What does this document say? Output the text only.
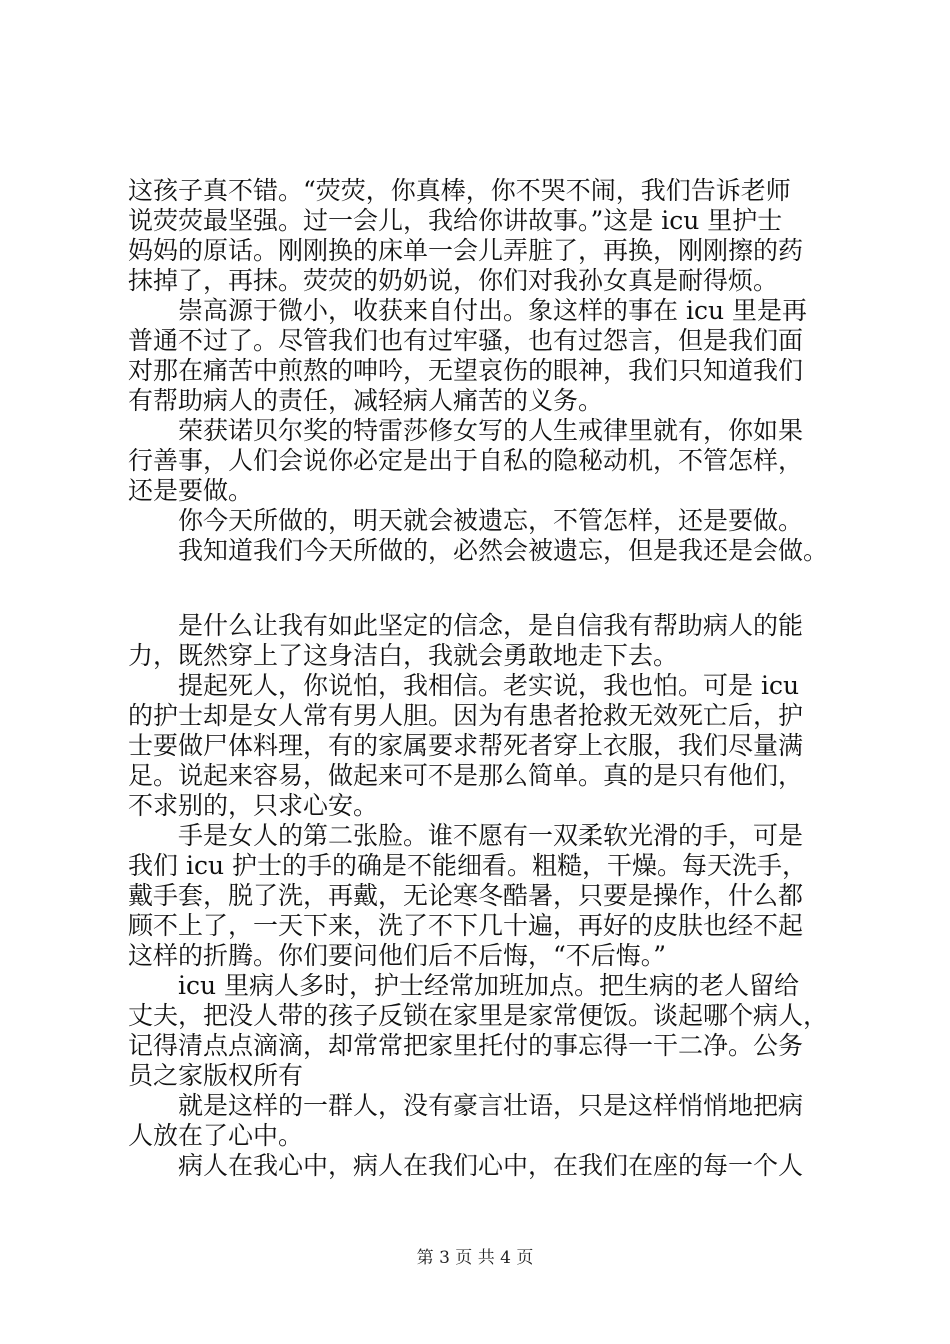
这孩子真不错。“荧荧，你真棒，你不哭不闹，我们告诉老师
说荧荧最坚强。过一会儿，我给你讲故事。”这是 icu 里护士
妈妈的原话。刚刚换的床单一会儿弄脏了，再换，刚刚擦的药
抹掉了，再抹。荧荧的奶奶说，你们对我孙女真是耐得烦。
　　崇高源于微小，收获来自付出。象这样的事在 icu 里是再
普通不过了。尽管我们也有过牢骚，也有过怨言，但是我们面
对那在痛苦中煎熬的呻吟，无望哀伤的眼神，我们只知道我们
有帮助病人的责任，减轻病人痛苦的义务。
　　荣获诺贝尔奖的特雷莎修女写的人生戒律里就有，你如果
行善事，人们会说你必定是出于自私的隐秘动机，不管怎样，
还是要做。
　　你今天所做的，明天就会被遗忘，不管怎样，还是要做。
　　我知道我们今天所做的，必然会被遗忘，但是我还是会做。
　　是什么让我有如此坚定的信念，是自信我有帮助病人的能
力，既然穿上了这身洁白，我就会勇敢地走下去。
　　提起死人，你说怕，我相信。老实说，我也怕。可是 icu
的护士却是女人常有男人胆。因为有患者抢救无效死亡后，护
士要做尸体料理，有的家属要求帮死者穿上衣服，我们尽量满
足。说起来容易，做起来可不是那么简单。真的是只有他们，
不求别的，只求心安。
　　手是女人的第二张脸。谁不愿有一双柔软光滑的手，可是
我们 icu 护士的手的确是不能细看。粗糙，干燥。每天洗手，
戴手套，脱了洗，再戴，无论寒冬酷暑，只要是操作，什么都
顾不上了，一天下来，洗了不下几十遍，再好的皮肤也经不起
这样的折腾。你们要问他们后不后悔，“不后悔。”
　　icu 里病人多时，护士经常加班加点。把生病的老人留给
丈夫，把没人带的孩子反锁在家里是家常便饭。谈起哪个病人，
记得清点点滴滴，却常常把家里托付的事忘得一干二净。公务
员之家版权所有
　　就是这样的一群人，没有豪言壮语，只是这样悄悄地把病
人放在了心中。
　　病人在我心中，病人在我们心中，在我们在座的每一个人
第 3 页 共 4 页
